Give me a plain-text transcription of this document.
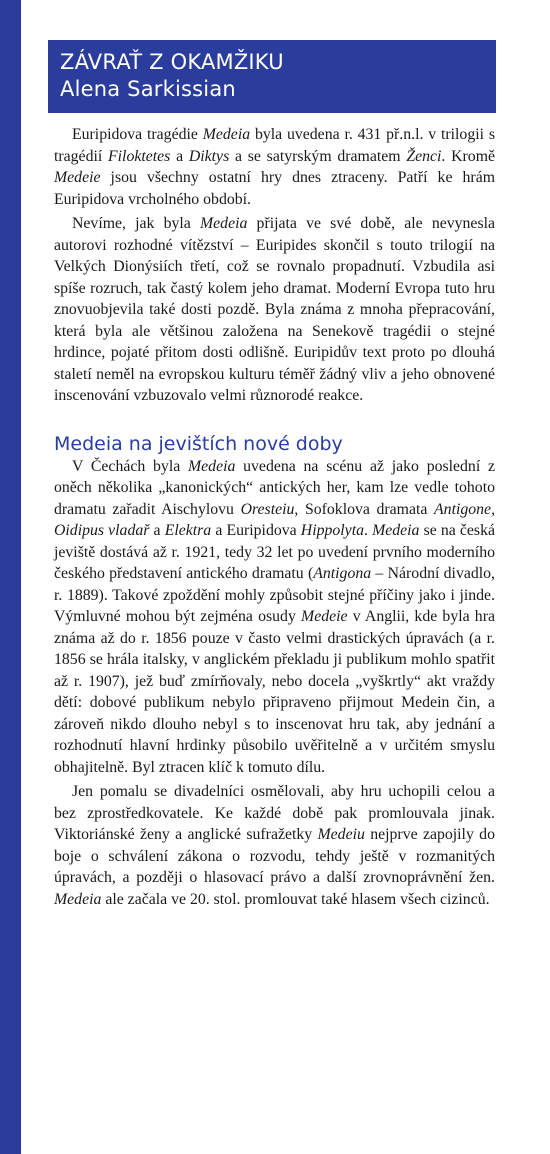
ZÁVRAŤ Z OKAMŽIKU
Alena Sarkissian

Euripidova tragédie Medeia byla uvedena r. 431 př.n.l. v trilogii s tragédií Filoktetes a Diktys a se satyrským dramatem Ženci. Kromě Medeie jsou všechny ostatní hry dnes ztraceny. Patří ke hrám Euripidova vrcholného období.

Nevíme, jak byla Medeia přijata ve své době, ale nevynesla autorovi rozhodné vítězství – Euripides skončil s touto trilogií na Velkých Dionýsiích třetí, což se rovnalo propadnutí. Vzbudila asi spíše rozruch, tak častý kolem jeho dramat. Moderní Evropa tuto hru znovuobjevila také dosti pozdě. Byla známa z mnoha přepracování, která byla ale většinou založena na Senekově tragédii o stejné hrdince, pojaté přitom dosti odlišně. Euripidův text proto po dlouhá staletí neměl na evropskou kulturu téměř žádný vliv a jeho obnovené inscenování vzbuzovalo velmi různorodé reakce.

Medeia na jevištích nové doby

V Čechách byla Medeia uvedena na scénu až jako poslední z oněch několika „kanonických“ antických her, kam lze vedle tohoto dramatu zařadit Aischylovu Oresteiu, Sofoklova dramata Antigone, Oidipus vladař a Elektra a Euripidova Hippolyta. Medeia se na česká jeviště dostává až r. 1921, tedy 32 let po uvedení prvního moderního českého představení antického dramatu (Antigona – Národní divadlo, r. 1889). Takové zpoždění mohly způsobit stejné příčiny jako i jinde. Výmluvné mohou být zejména osudy Medeie v Anglii, kde byla hra známa až do r. 1856 pouze v často velmi drastických úpravách (a r. 1856 se hrála italsky, v anglickém překladu ji publikum mohlo spatřit až r. 1907), jež buď zmírňovaly, nebo docela „vyškrtly“ akt vraždy dětí: dobové publikum nebylo připraveno přijmout Medein čin, a zároveň nikdo dlouho nebyl s to inscenovat hru tak, aby jednání a rozhodnutí hlavní hrdinky působilo uvěřitelně a v určitém smyslu obhajitelně. Byl ztracen klíč k tomuto dílu.

Jen pomalu se divadelníci osmělovali, aby hru uchopili celou a bez zprostředkovatele. Ke každé době pak promlouvala jinak. Viktoriánské ženy a anglické sufražetky Medeiu nejprve zapojily do boje o schválení zákona o rozvodu, tehdy ještě v rozmanitých úpravách, a později o hlasovací právo a další zrovnoprávnění žen. Medeia ale začala ve 20. stol. promlouvat také hlasem všech cizinců.
